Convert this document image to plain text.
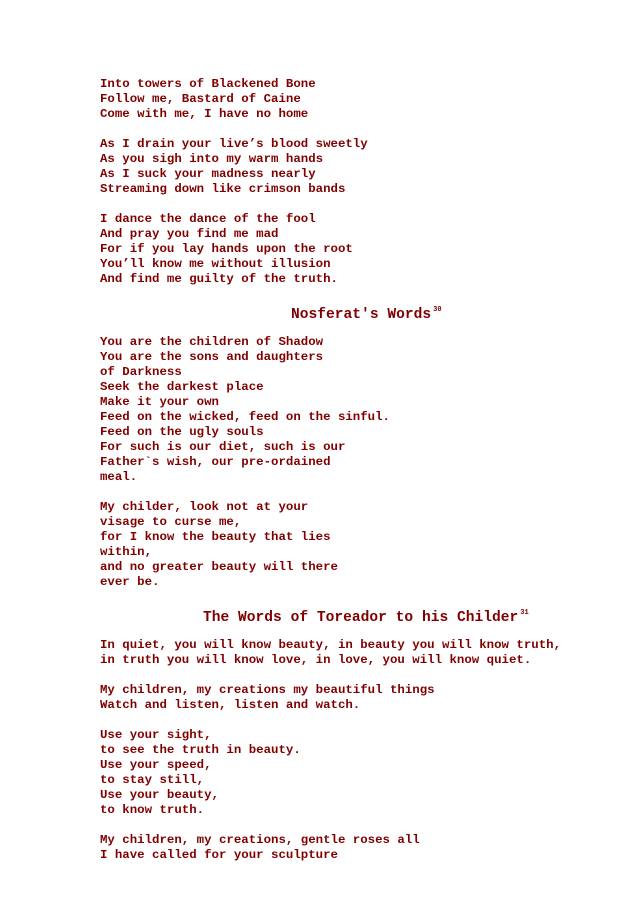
Into towers of Blackened Bone

Follow me, Bastard of Caine

Come with me, I have no home

As I drain your live’s blood sweetly

As you sigh into my warm hands

As I suck your madness nearly

Streaming down like crimson bands

I dance the dance of the fool

And pray you find me mad

For if you lay hands upon the root

You’ll know me without illusion

And find me guilty of the truth.

Nosferat's Words $^{30}$

You are the children of Shadow

You are the sons and daughters

of Darkness

Seek the darkest place

Make it your own

Feed on the wicked, feed on the sinful.

Feed on the ugly souls

For such is our diet, such is our

Father`s wish, our pre-ordained

meal.

My childer, look not at your

visage to curse me,

for I know the beauty that lies

within,

and no greater beauty will there

ever be.

The Words of Toreador to his Childer $^{31}$

In quiet, you will know beauty, in beauty you will know truth,

in truth you will know love, in love, you will know quiet.

My children, my creations my beautiful things

Watch and listen, listen and watch.

Use your sight,

to see the truth in beauty.

Use your speed,

to stay still,

Use your beauty,

to know truth.

My children, my creations, gentle roses all

I have called for your sculpture
